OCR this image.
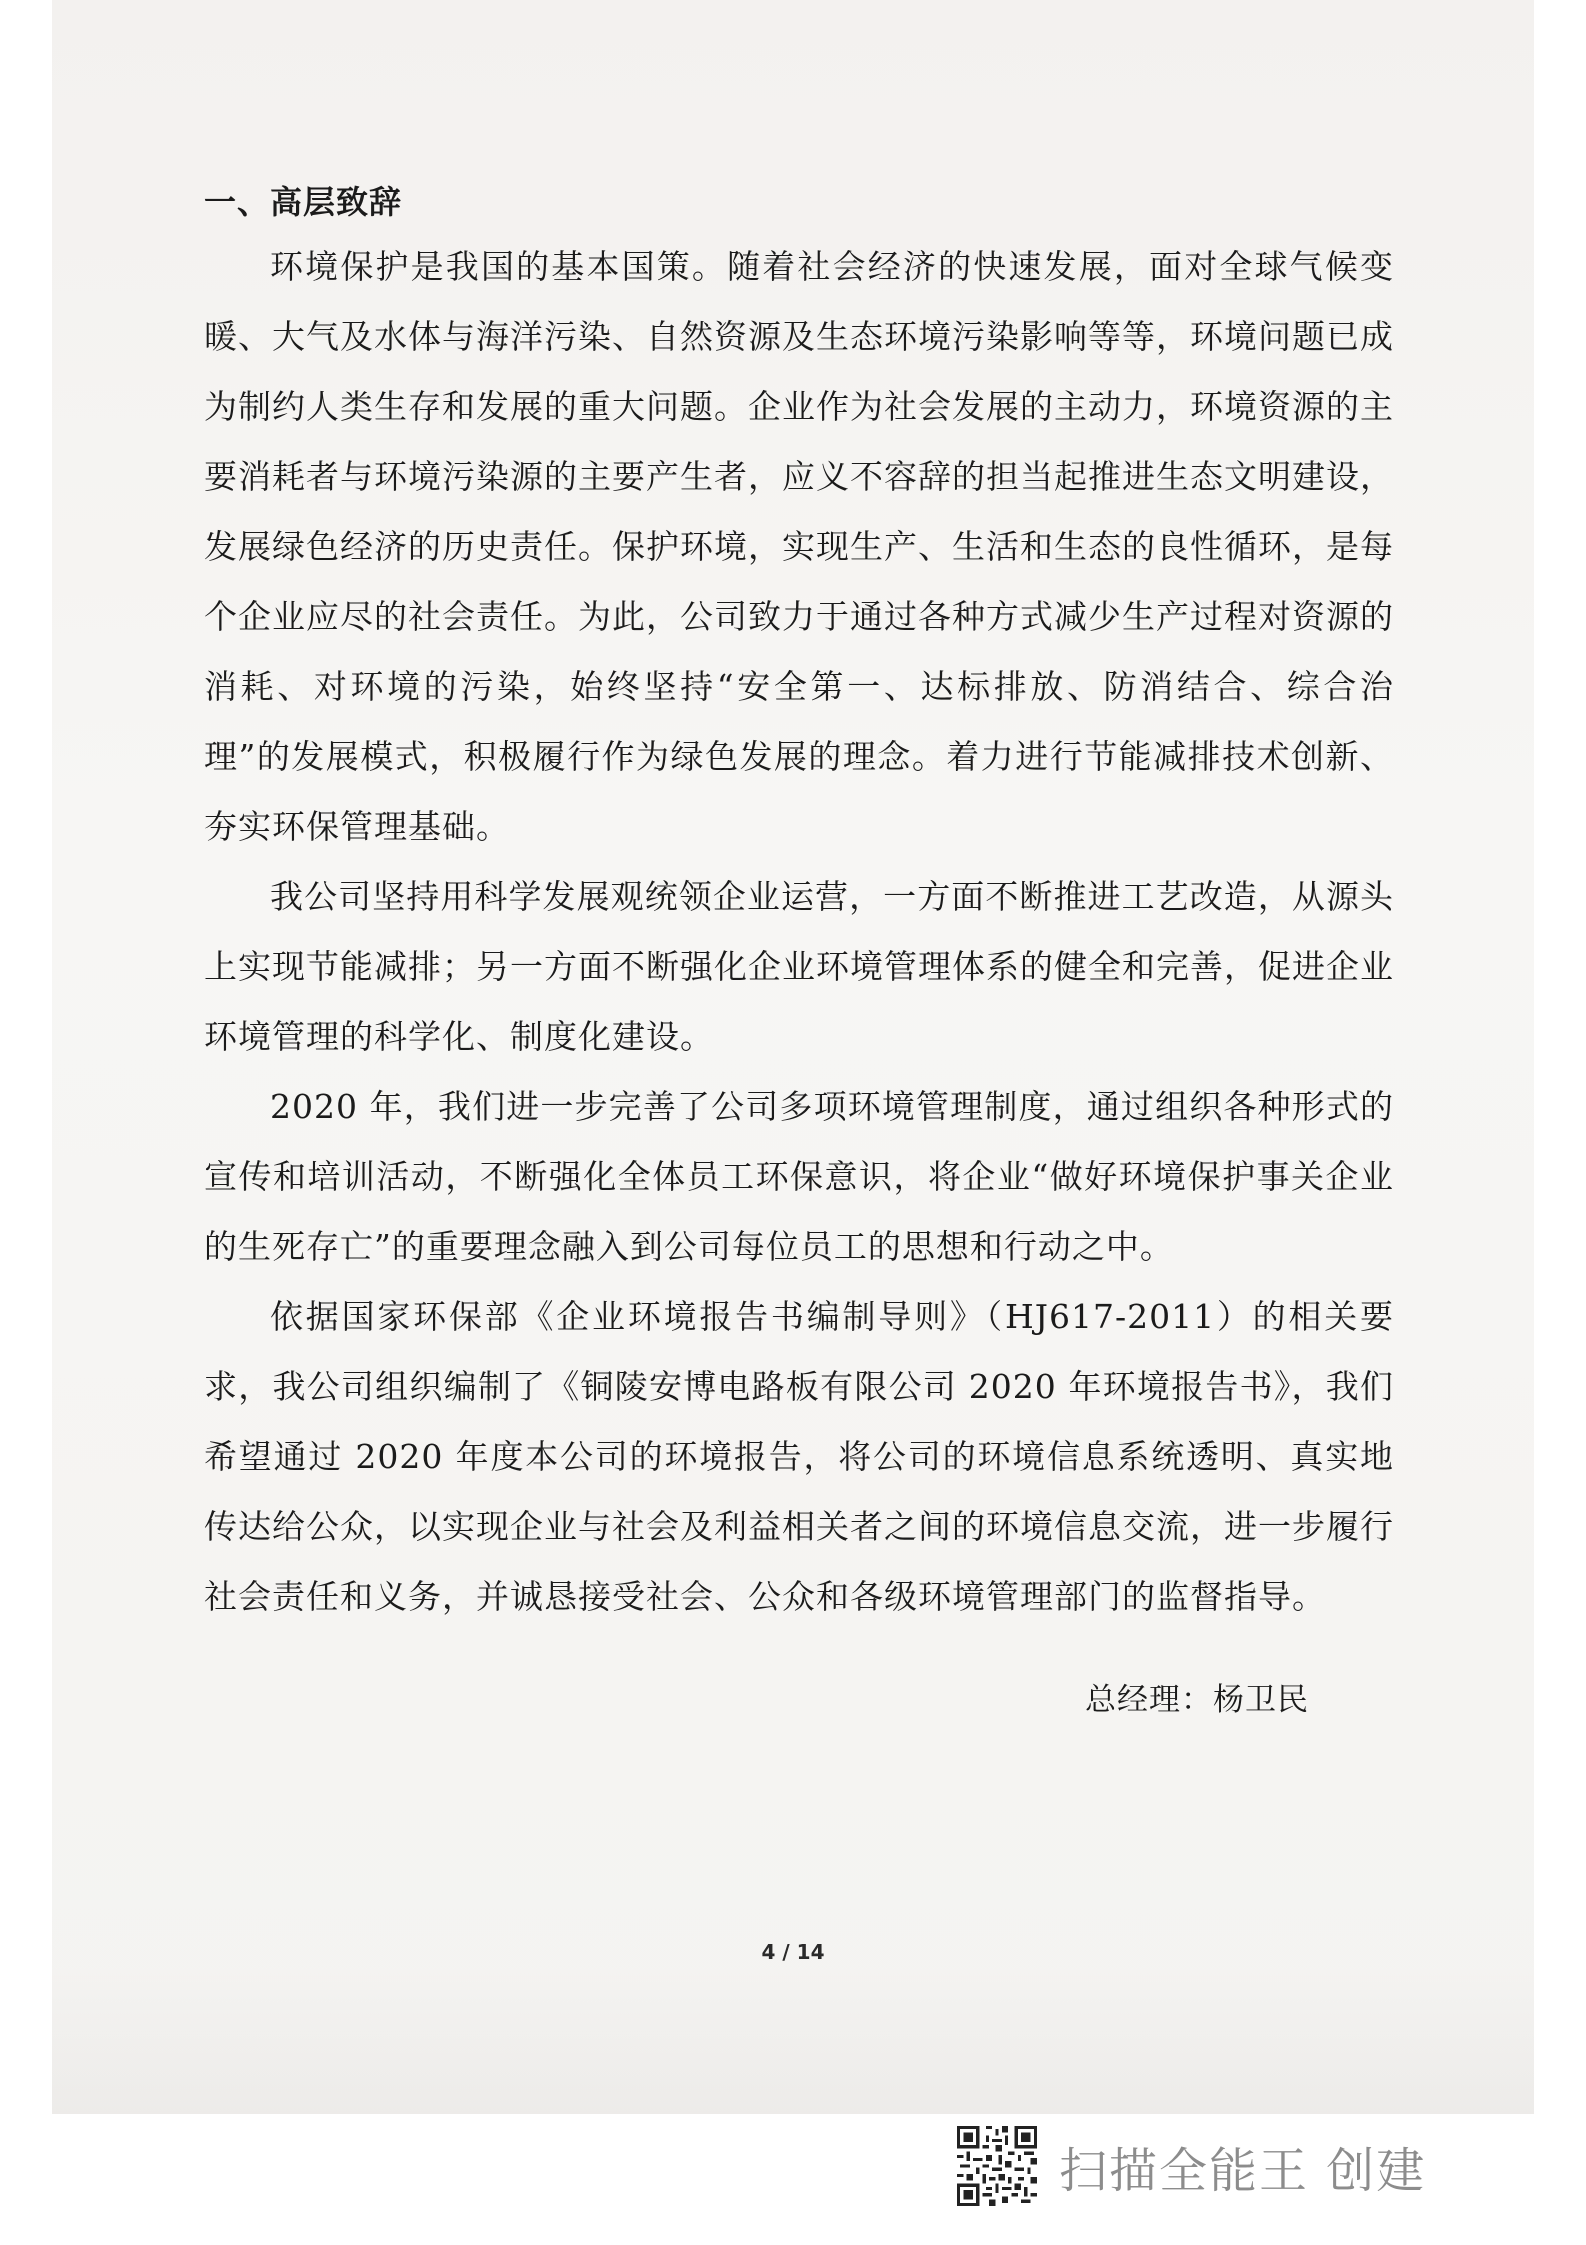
一、高层致辞

环境保护是我国的基本国策。随着社会经济的快速发展，面对全球气候变暖、大气及水体与海洋污染、自然资源及生态环境污染影响等等，环境问题已成为制约人类生存和发展的重大问题。企业作为社会发展的主动力，环境资源的主要消耗者与环境污染源的主要产生者，应义不容辞的担当起推进生态文明建设，发展绿色经济的历史责任。保护环境，实现生产、生活和生态的良性循环，是每个企业应尽的社会责任。为此，公司致力于通过各种方式减少生产过程对资源的消耗、对环境的污染，始终坚持“安全第一、达标排放、防消结合、综合治理”的发展模式，积极履行作为绿色发展的理念。着力进行节能减排技术创新、夯实环保管理基础。

我公司坚持用科学发展观统领企业运营，一方面不断推进工艺改造，从源头上实现节能减排；另一方面不断强化企业环境管理体系的健全和完善，促进企业环境管理的科学化、制度化建设。

2020 年，我们进一步完善了公司多项环境管理制度，通过组织各种形式的宣传和培训活动，不断强化全体员工环保意识，将企业“做好环境保护事关企业的生死存亡”的重要理念融入到公司每位员工的思想和行动之中。

依据国家环保部《企业环境报告书编制导则》（HJ617-2011）的相关要求，我公司组织编制了《铜陵安博电路板有限公司 2020 年环境报告书》，我们希望通过 2020 年度本公司的环境报告，将公司的环境信息系统透明、真实地传达给公众，以实现企业与社会及利益相关者之间的环境信息交流，进一步履行社会责任和义务，并诚恳接受社会、公众和各级环境管理部门的监督指导。

总经理：杨卫民
4 / 14
扫描全能王 创建
